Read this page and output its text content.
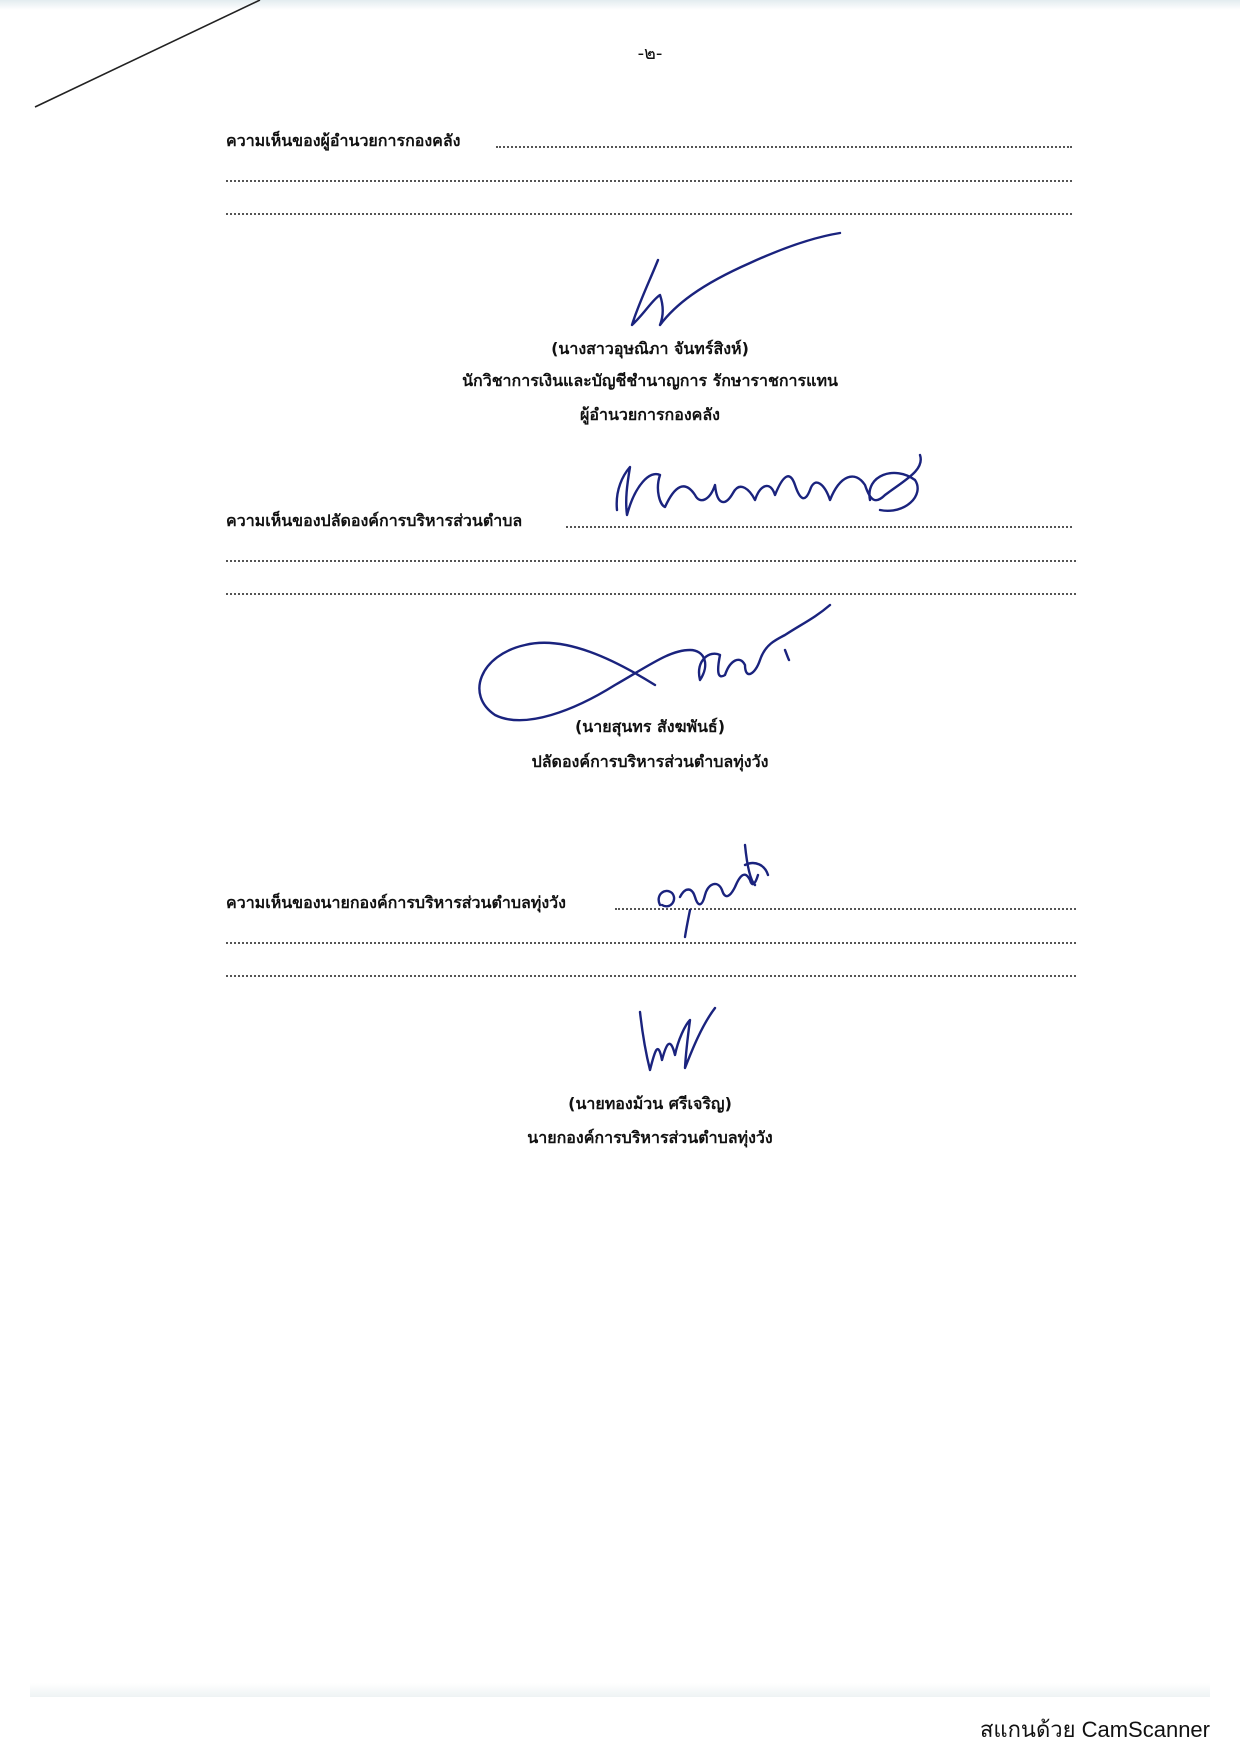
-๒-
ความเห็นของผู้อำนวยการกองคลัง
(นางสาวอุษณิภา จันทร์สิงห์)
นักวิชาการเงินและบัญชีชำนาญการ รักษาราชการแทน
ผู้อำนวยการกองคลัง
ความเห็นของปลัดองค์การบริหารส่วนตำบล
(นายสุนทร สังฆพันธ์)
ปลัดองค์การบริหารส่วนตำบลทุ่งวัง
ความเห็นของนายกองค์การบริหารส่วนตำบลทุ่งวัง
(นายทองม้วน ศรีเจริญ)
นายกองค์การบริหารส่วนตำบลทุ่งวัง
สแกนด้วย CamScanner
